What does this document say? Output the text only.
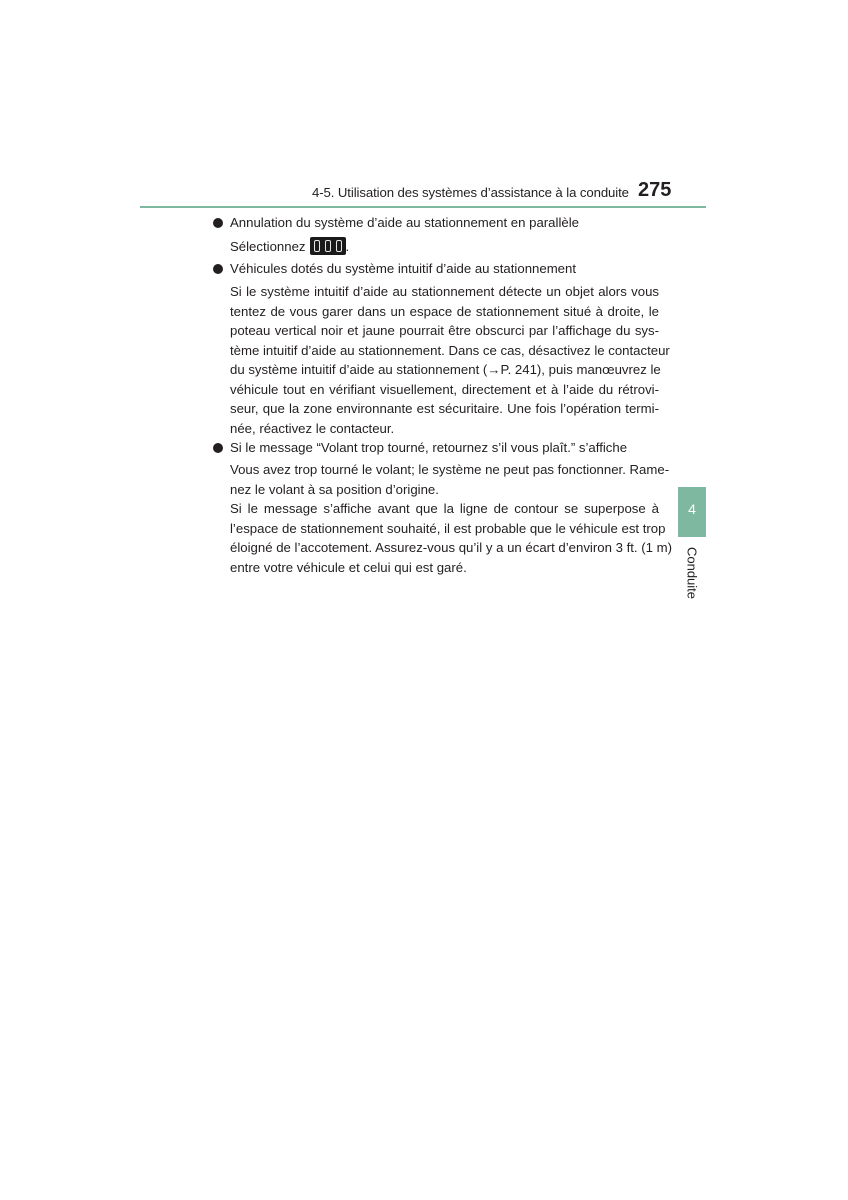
4-5. Utilisation des systèmes d’assistance à la conduite 275
Annulation du système d’aide au stationnement en parallèle
Sélectionnez	.
Véhicules dotés du système intuitif d’aide au stationnement
Si le système intuitif d’aide au stationnement détecte un objet alors vous
tentez de vous garer dans un espace de stationnement situé à droite, le
poteau vertical noir et jaune pourrait être obscurci par l’affichage du sys-
tème intuitif d’aide au stationnement. Dans ce cas, désactivez le contacteur
du système intuitif d’aide au stationnement (→P. 241), puis manœuvrez le
véhicule tout en vérifiant visuellement, directement et à l’aide du rétrovi-
seur, que la zone environnante est sécuritaire. Une fois l’opération termi-
née, réactivez le contacteur.
Si le message “Volant trop tourné, retournez s’il vous plaît.” s’affiche
Vous avez trop tourné le volant; le système ne peut pas fonctionner. Rame-
nez le volant à sa position d’origine.
Si le message s’affiche avant que la ligne de contour se superpose à
l’espace de stationnement souhaité, il est probable que le véhicule est trop
éloigné de l’accotement. Assurez-vous qu’il y a un écart d’environ 3 ft. (1 m)
entre votre véhicule et celui qui est garé.
4
Conduite
